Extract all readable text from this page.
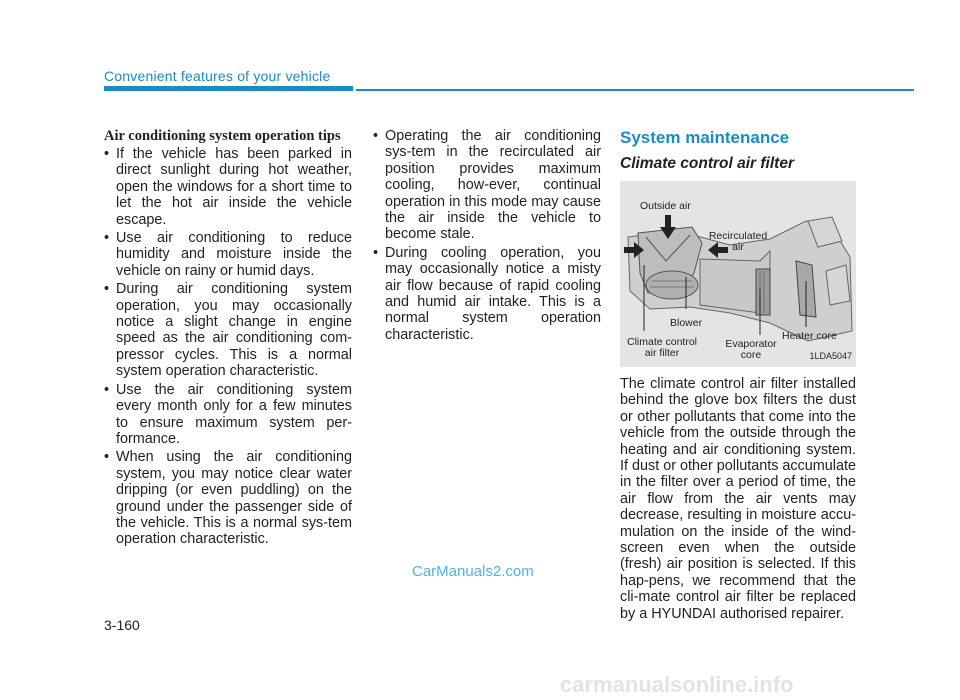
Convenient features of your vehicle
Air conditioning system operation tips
• If the vehicle has been parked in direct sunlight during hot weather, open the windows for a short time to let the hot air inside the vehicle escape.
• Use air conditioning to reduce humidity and moisture inside the vehicle on rainy or humid days.
• During air conditioning system operation, you may occasionally notice a slight change in engine speed as the air conditioning com-pressor cycles. This is a normal system operation characteristic.
• Use the air conditioning system every month only for a few minutes to ensure maximum system per-formance.
• When using the air conditioning system, you may notice clear water dripping (or even puddling) on the ground under the passenger side of the vehicle. This is a normal sys-tem operation characteristic.
• Operating the air conditioning sys-tem in the recirculated air position provides maximum cooling, how-ever, continual operation in this mode may cause the air inside the vehicle to become stale.
• During cooling operation, you may occasionally notice a misty air flow because of rapid cooling and humid air intake. This is a normal system operation characteristic.
System maintenance
Climate control air filter
Outside air
Recirculated air
Blower
Climate control air filter
Evaporator core
Heater core
1LDA5047
The climate control air filter installed behind the glove box filters the dust or other pollutants that come into the vehicle from the outside through the heating and air conditioning system. If dust or other pollutants accumulate in the filter over a period of time, the air flow from the air vents may decrease, resulting in moisture accu-mulation on the inside of the wind-screen even when the outside (fresh) air position is selected. If this hap-pens, we recommend that the cli-mate control air filter be replaced by a HYUNDAI authorised repairer.
CarManuals2.com
3-160
carmanualsonline.info
